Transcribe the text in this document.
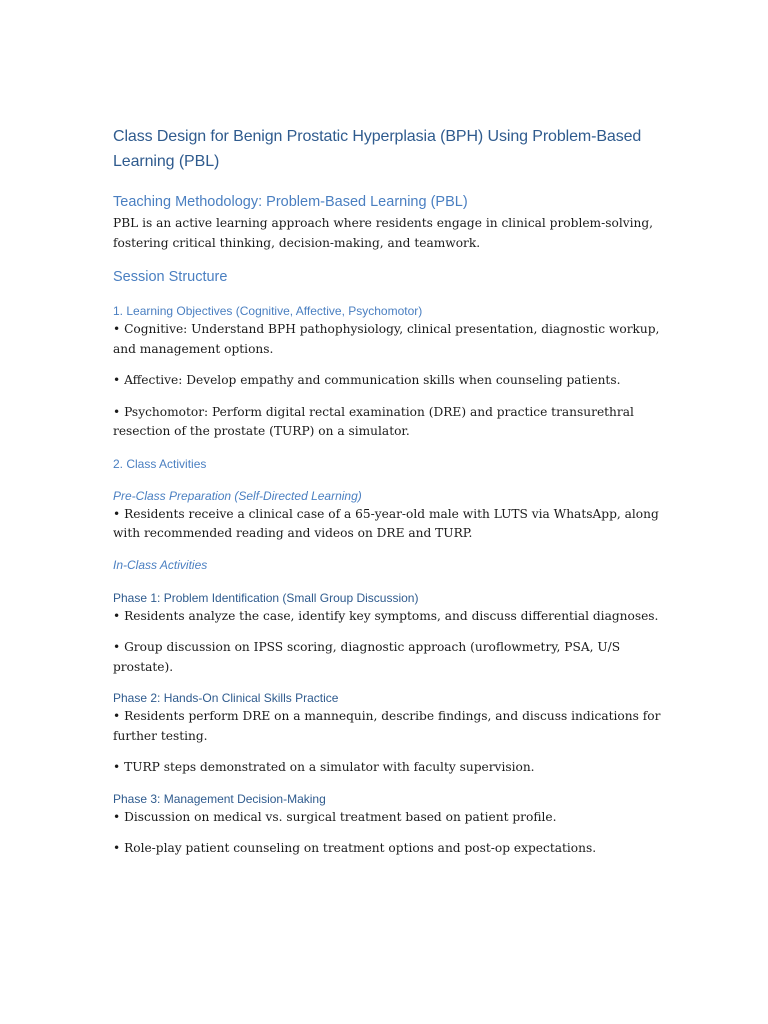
Class Design for Benign Prostatic Hyperplasia (BPH) Using Problem-Based Learning (PBL)
Teaching Methodology: Problem-Based Learning (PBL)

PBL is an active learning approach where residents engage in clinical problem-solving, fostering critical thinking, decision-making, and teamwork.

Session Structure
1. Learning Objectives (Cognitive, Affective, Psychomotor)

• Cognitive: Understand BPH pathophysiology, clinical presentation, diagnostic workup, and management options.

• Affective: Develop empathy and communication skills when counseling patients.

• Psychomotor: Perform digital rectal examination (DRE) and practice transurethral resection of the prostate (TURP) on a simulator.

2. Class Activities
Pre-Class Preparation (Self-Directed Learning)

• Residents receive a clinical case of a 65-year-old male with LUTS via WhatsApp, along with recommended reading and videos on DRE and TURP.

In-Class Activities
Phase 1: Problem Identification (Small Group Discussion)

• Residents analyze the case, identify key symptoms, and discuss differential diagnoses.

• Group discussion on IPSS scoring, diagnostic approach (uroflowmetry, PSA, U/S prostate).

Phase 2: Hands-On Clinical Skills Practice

• Residents perform DRE on a mannequin, describe findings, and discuss indications for further testing.

• TURP steps demonstrated on a simulator with faculty supervision.

Phase 3: Management Decision-Making

• Discussion on medical vs. surgical treatment based on patient profile.

• Role-play patient counseling on treatment options and post-op expectations.
